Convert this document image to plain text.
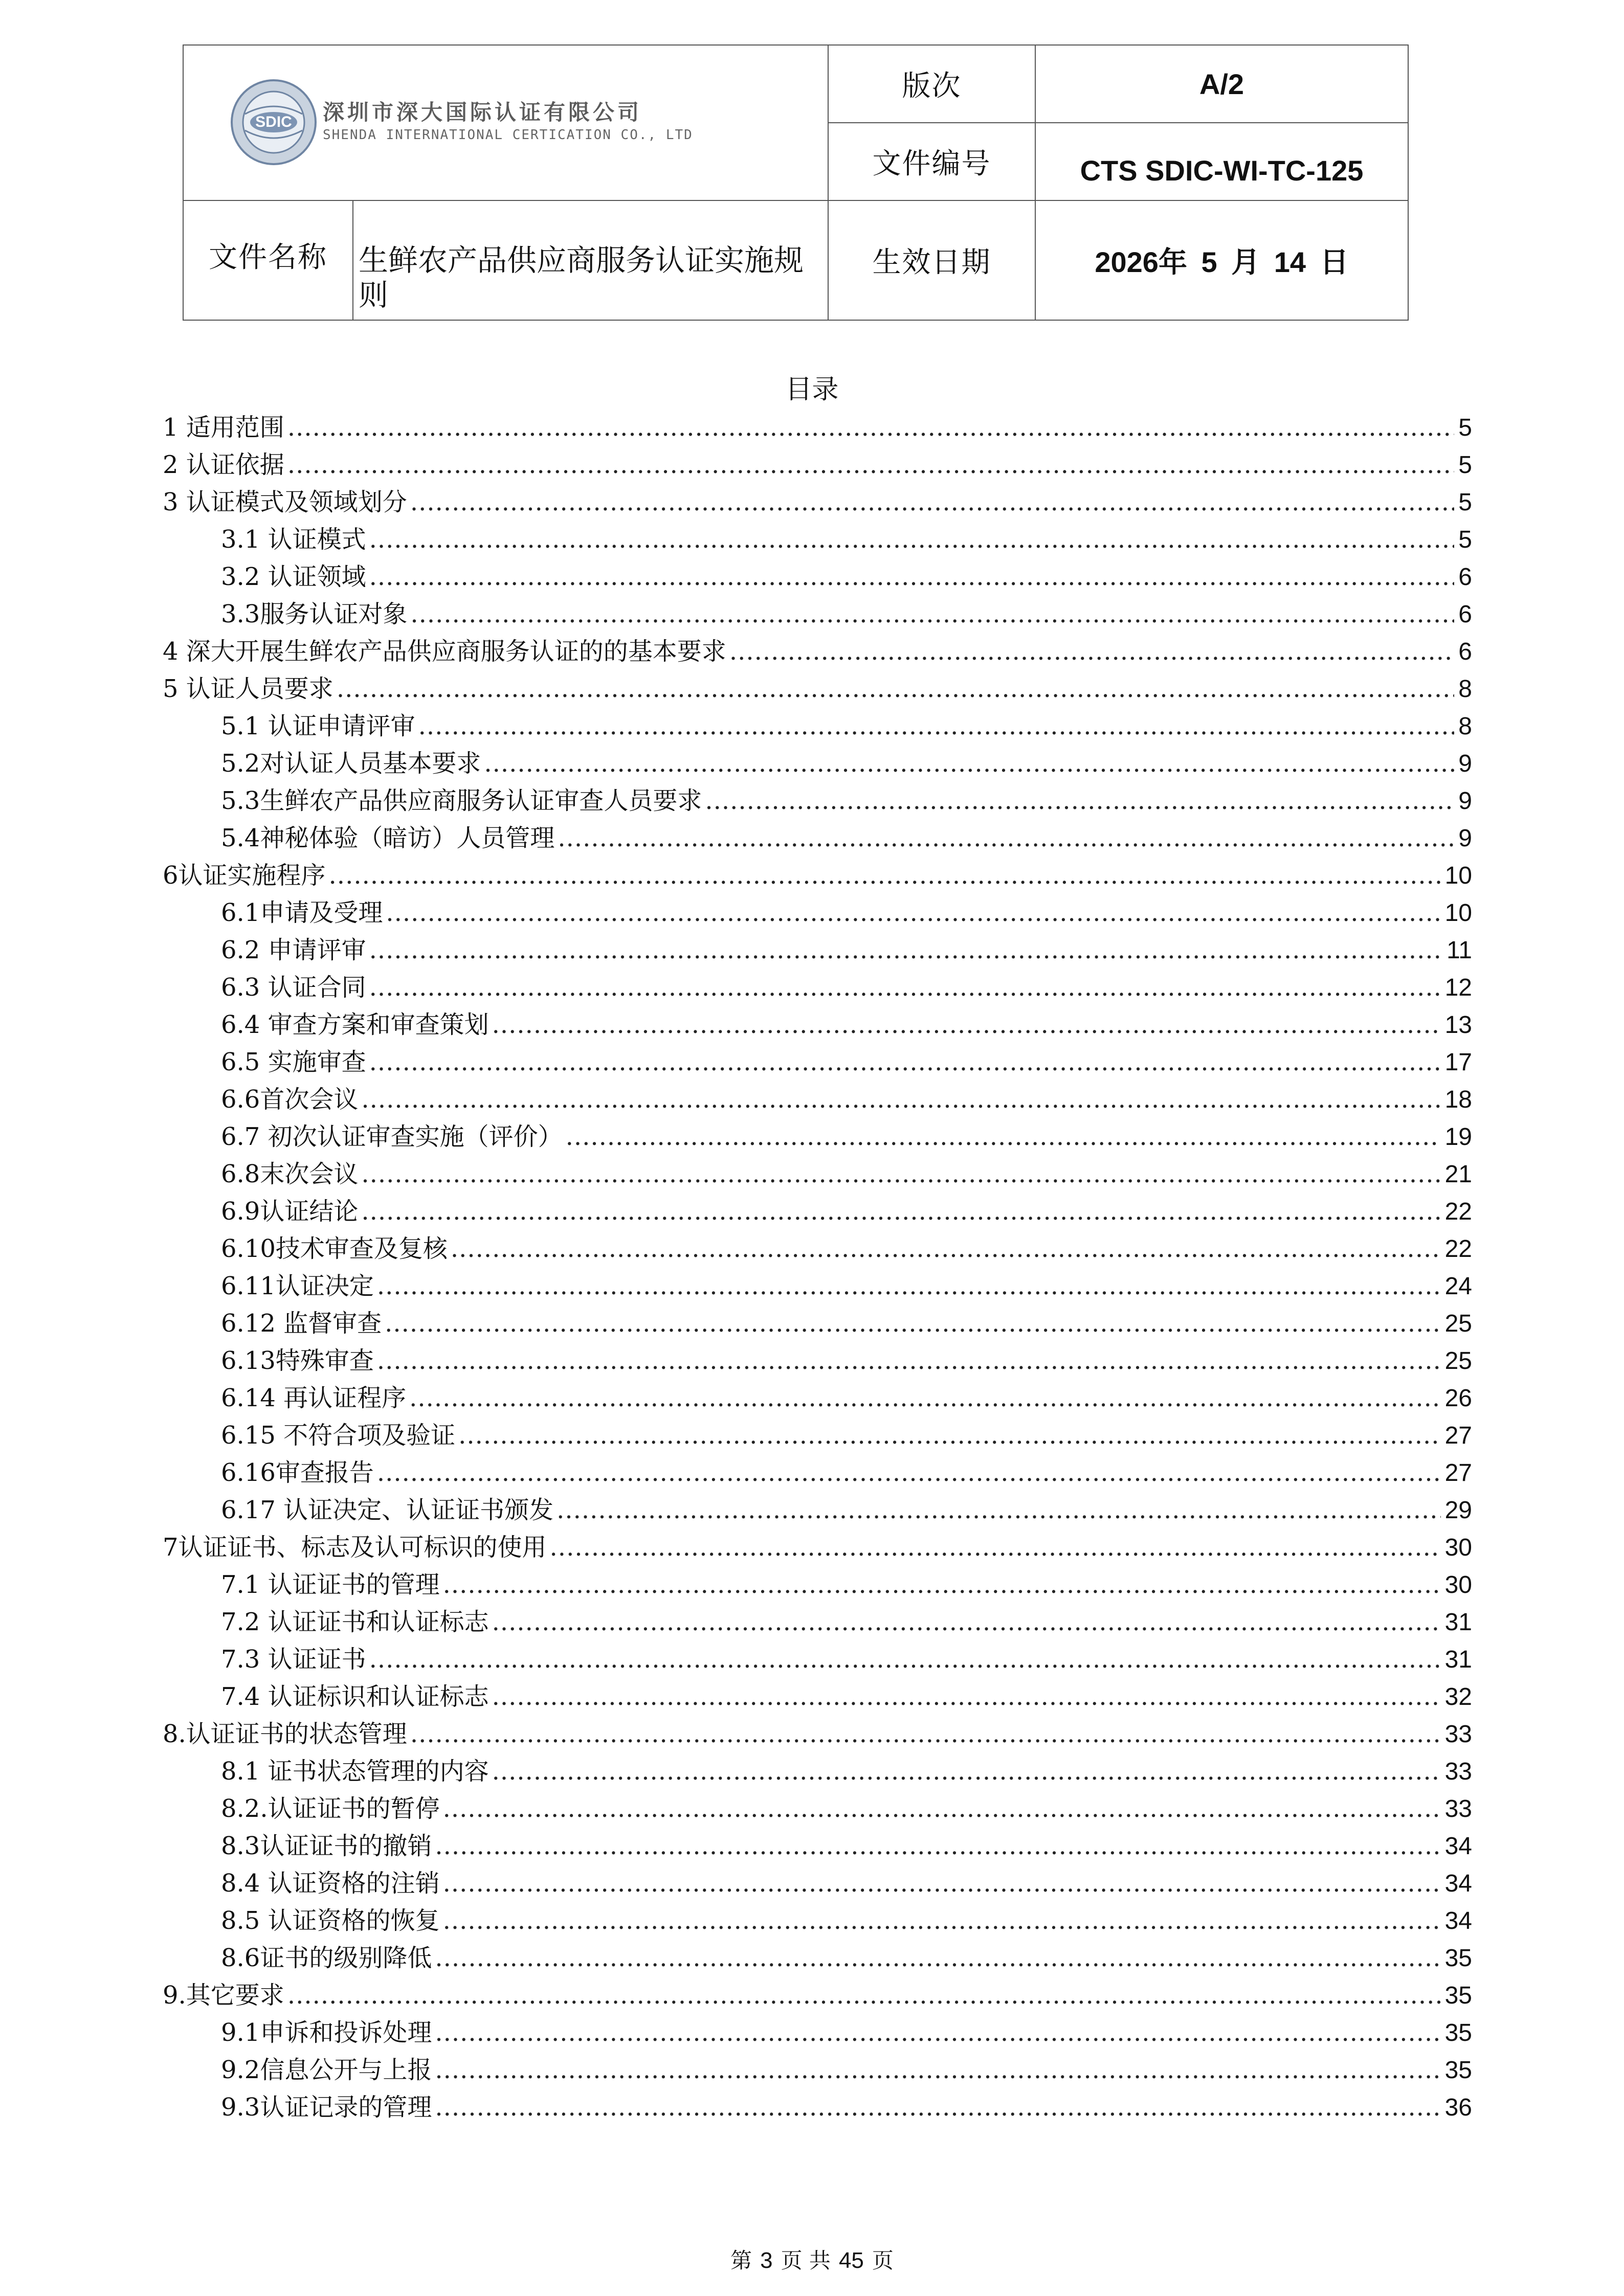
SDIC 深圳市深大国际认证有限公司
SHENDA INTERNATIONAL CERTICATION CO., LTD		版次	A/2
		文件编号	CTS SDIC-WI-TC-125
文件名称	生鲜农产品供应商服务认证实施规则	生效日期	2026年 5 月 14 日
目录
1 适用范围 .....	5
2 认证依据 .....	5
3 认证模式及领域划分 .....	5
3.1 认证模式 .....	5
3.2 认证领域 .....	6
3.3服务认证对象 .....	6
4 深大开展生鲜农产品供应商服务认证的的基本要求 .....	6
5 认证人员要求 .....	8
5.1 认证申请评审 .....	8
5.2对认证人员基本要求 .....	9
5.3生鲜农产品供应商服务认证审查人员要求 .....	9
5.4神秘体验（暗访）人员管理 .....	9
6认证实施程序 .....	10
6.1申请及受理 .....	10
6.2 申请评审 .....	11
6.3 认证合同 .....	12
6.4 审查方案和审查策划 .....	13
6.5 实施审查 .....	17
6.6首次会议 .....	18
6.7 初次认证审查实施（评价） .....	19
6.8末次会议 .....	21
6.9认证结论 .....	22
6.10技术审查及复核 .....	22
6.11认证决定 .....	24
6.12 监督审查 .....	25
6.13特殊审查 .....	25
6.14 再认证程序 .....	26
6.15 不符合项及验证 .....	27
6.16审查报告 .....	27
6.17 认证决定、认证证书颁发 .....	29
7认证证书、标志及认可标识的使用 .....	30
7.1 认证证书的管理 .....	30
7.2 认证证书和认证标志 .....	31
7.3 认证证书 .....	31
7.4 认证标识和认证标志 .....	32
8.认证证书的状态管理 .....	33
8.1 证书状态管理的内容 .....	33
8.2.认证证书的暂停 .....	33
8.3认证证书的撤销 .....	34
8.4 认证资格的注销 .....	34
8.5 认证资格的恢复 .....	34
8.6证书的级别降低 .....	35
9.其它要求 .....	35
9.1申诉和投诉处理 .....	35
9.2信息公开与上报 .....	35
9.3认证记录的管理 .....	36
第 3 页 共 45 页
